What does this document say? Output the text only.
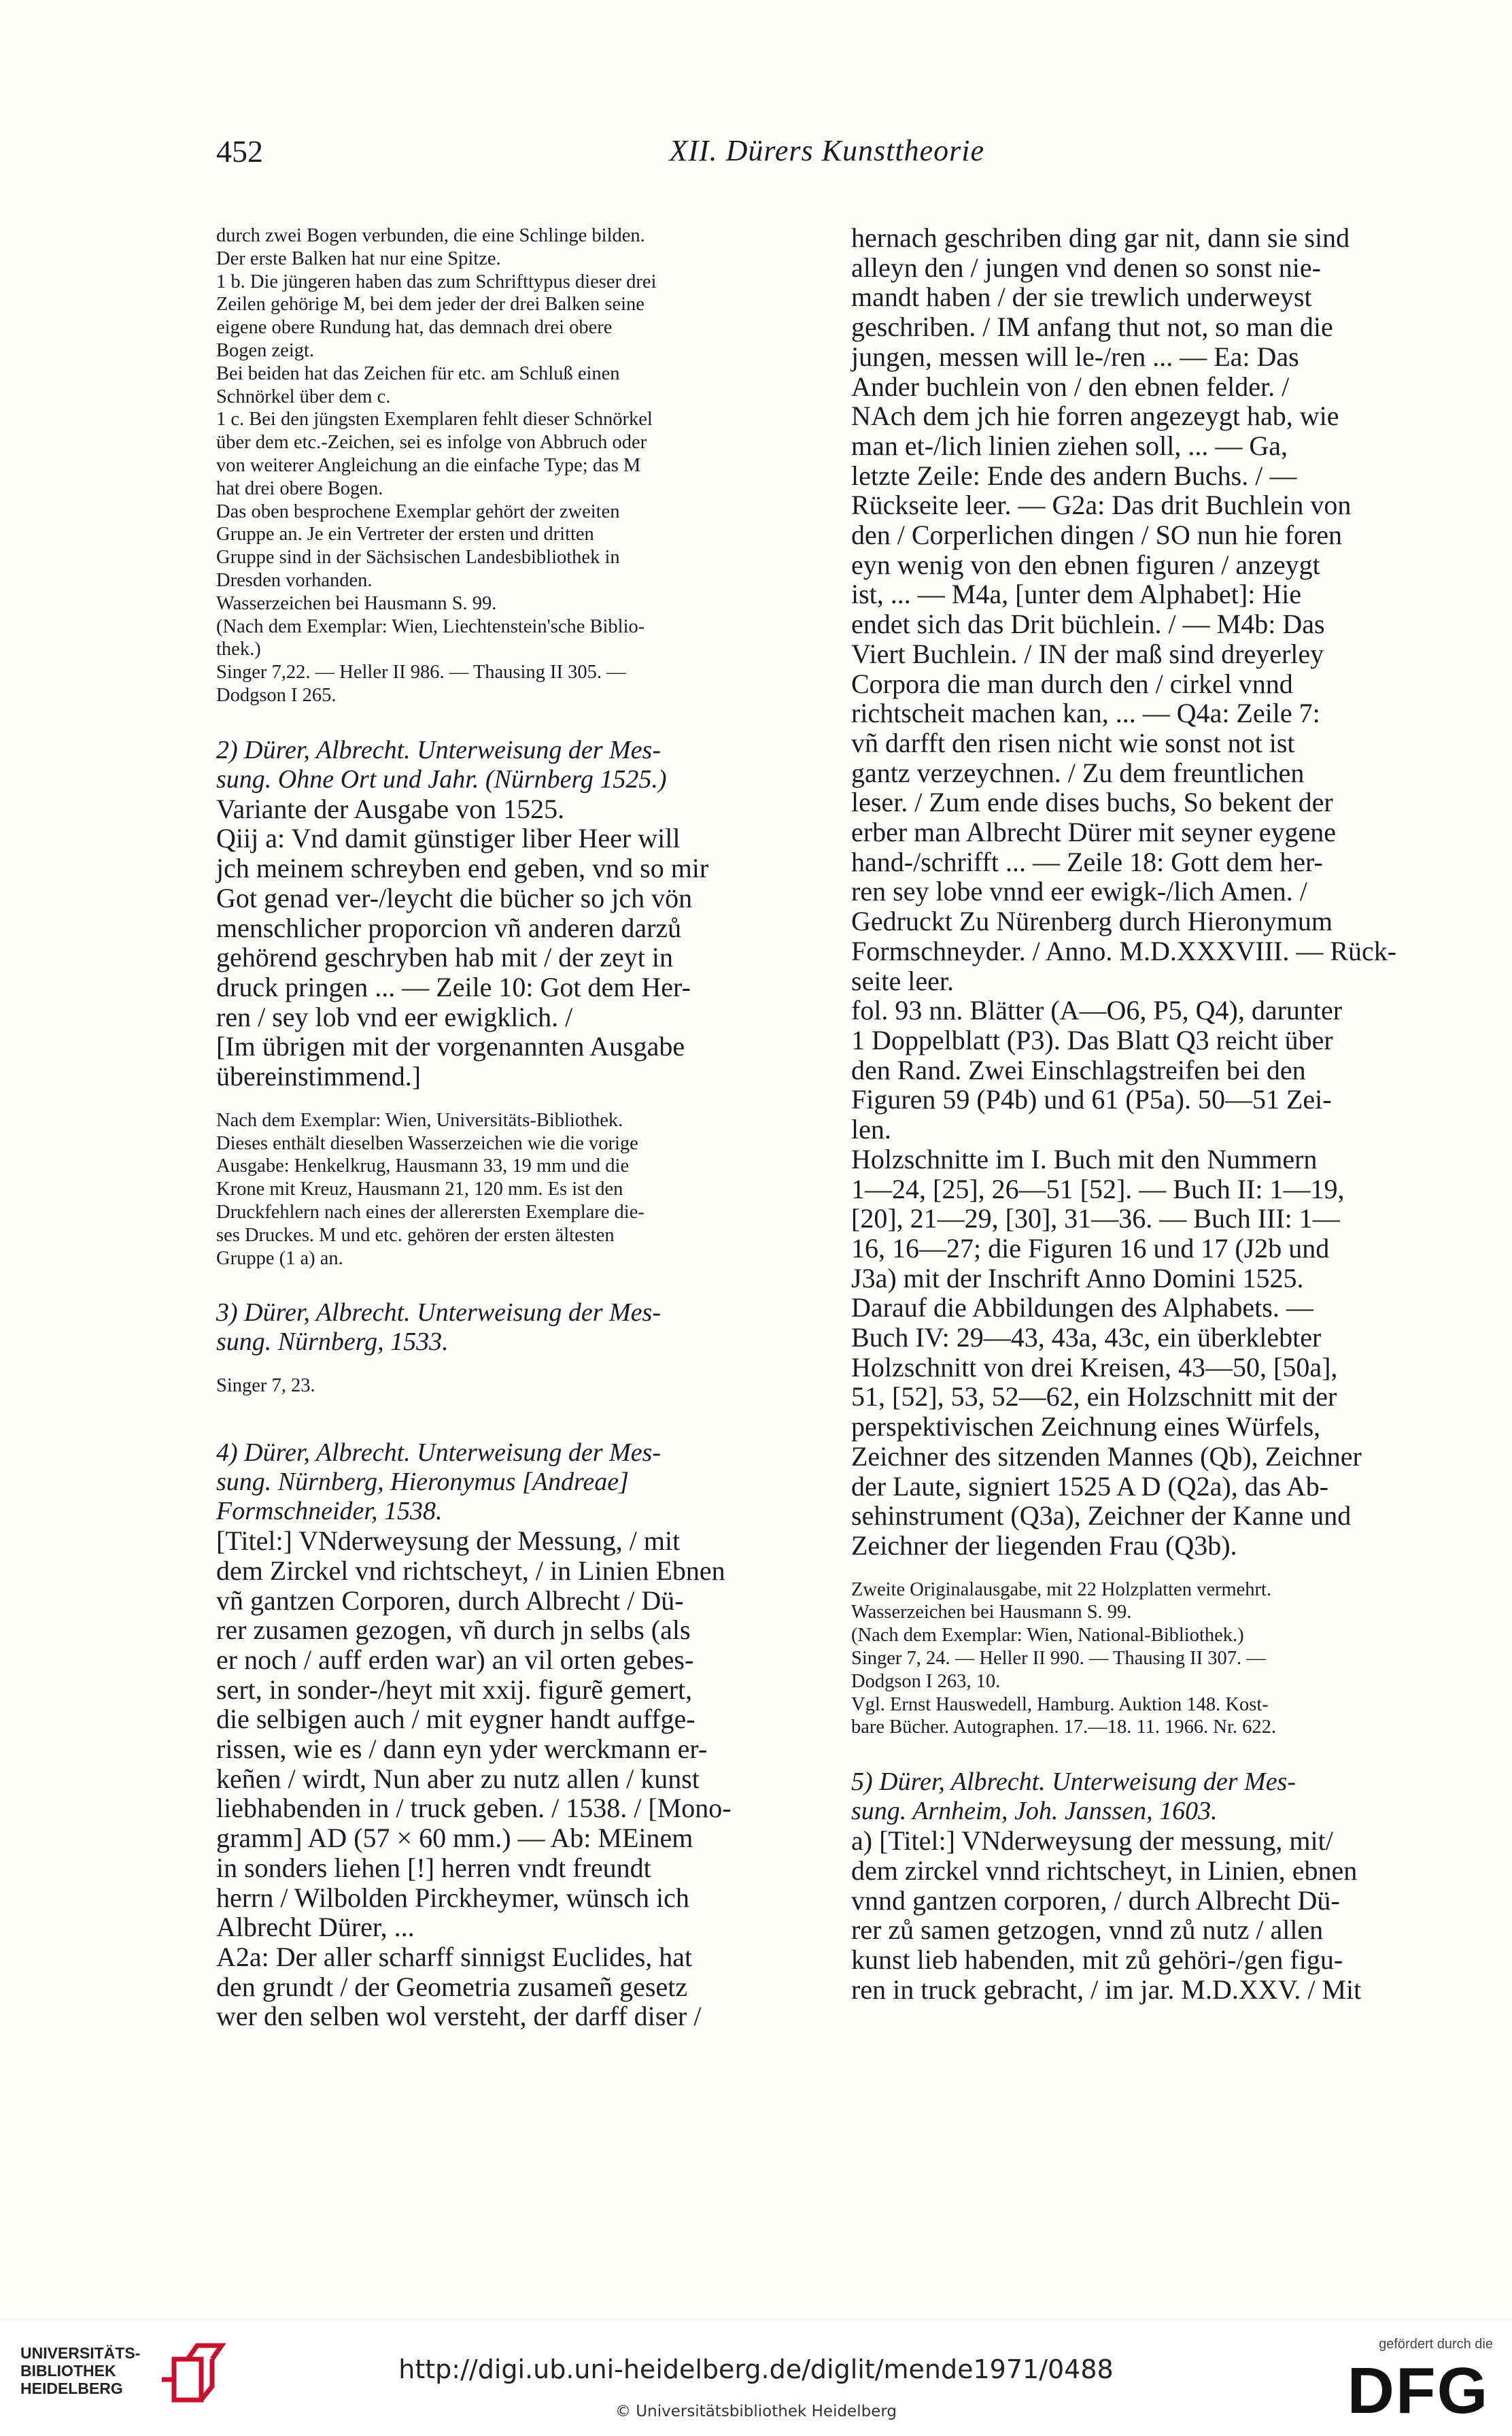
452	XII. Dürers Kunsttheorie

durch zwei Bogen verbunden, die eine Schlinge bilden.
Der erste Balken hat nur eine Spitze.
1 b. Die jüngeren haben das zum Schrifttypus dieser drei
Zeilen gehörige M, bei dem jeder der drei Balken seine
eigene obere Rundung hat, das demnach drei obere
Bogen zeigt.
Bei beiden hat das Zeichen für etc. am Schluß einen
Schnörkel über dem c.
1 c. Bei den jüngsten Exemplaren fehlt dieser Schnörkel
über dem etc.-Zeichen, sei es infolge von Abbruch oder
von weiterer Angleichung an die einfache Type; das M
hat drei obere Bogen.
Das oben besprochene Exemplar gehört der zweiten
Gruppe an. Je ein Vertreter der ersten und dritten
Gruppe sind in der Sächsischen Landesbibliothek in
Dresden vorhanden.
Wasserzeichen bei Hausmann S. 99.
(Nach dem Exemplar: Wien, Liechtenstein'sche Biblio-
thek.)
Singer 7,22. — Heller II 986. — Thausing II 305. —
Dodgson I 265.

2) Dürer, Albrecht. Unterweisung der Mes-
sung. Ohne Ort und Jahr. (Nürnberg 1525.)

Variante der Ausgabe von 1525.
Qiij a: Vnd damit günstiger liber Heer will
jch meinem schreyben end geben, vnd so mir
Got genad ver-/leycht die bücher so jch vön
menschlicher proporcion vñ anderen darzů
gehörend geschryben hab mit / der zeyt in
druck pringen ... — Zeile 10: Got dem Her-
ren / sey lob vnd eer ewigklich. /
[Im übrigen mit der vorgenannten Ausgabe
übereinstimmend.]

Nach dem Exemplar: Wien, Universitäts-Bibliothek.
Dieses enthält dieselben Wasserzeichen wie die vorige
Ausgabe: Henkelkrug, Hausmann 33, 19 mm und die
Krone mit Kreuz, Hausmann 21, 120 mm. Es ist den
Druckfehlern nach eines der allerersten Exemplare die-
ses Druckes. M und etc. gehören der ersten ältesten
Gruppe (1 a) an.

3) Dürer, Albrecht. Unterweisung der Mes-
sung. Nürnberg, 1533.

Singer 7, 23.

4) Dürer, Albrecht. Unterweisung der Mes-
sung. Nürnberg, Hieronymus [Andreae]
Formschneider, 1538.

[Titel:] VNderweysung der Messung, / mit
dem Zirckel vnd richtscheyt, / in Linien Ebnen
vñ gantzen Corporen, durch Albrecht / Dü-
rer zusamen gezogen, vñ durch jn selbs (als
er noch / auff erden war) an vil orten gebes-
sert, in sonder-/heyt mit xxij. figurẽ gemert,
die selbigen auch / mit eygner handt auffge-
rissen, wie es / dann eyn yder werckmann er-
keñen / wirdt, Nun aber zu nutz allen / kunst
liebhabenden in / truck geben. / 1538. / [Mono-
gramm] AD (57 × 60 mm.) — Ab: MEinem
in sonders liehen [!] herren vndt freundt
herrn / Wilbolden Pirckheymer, wünsch ich
Albrecht Dürer, ...
A2a: Der aller scharff sinnigst Euclides, hat
den grundt / der Geometria zusameñ gesetz
wer den selben wol versteht, der darff diser /

hernach geschriben ding gar nit, dann sie sind
alleyn den / jungen vnd denen so sonst nie-
mandt haben / der sie trewlich underweyst
geschriben. / IM anfang thut not, so man die
jungen, messen will le-/ren ... — Ea: Das
Ander buchlein von / den ebnen felder. /
NAch dem jch hie forren angezeygt hab, wie
man et-/lich linien ziehen soll, ... — Ga,
letzte Zeile: Ende des andern Buchs. / —
Rückseite leer. — G2a: Das drit Buchlein von
den / Corperlichen dingen / SO nun hie foren
eyn wenig von den ebnen figuren / anzeygt
ist, ... — M4a, [unter dem Alphabet]: Hie
endet sich das Drit büchlein. / — M4b: Das
Viert Buchlein. / IN der maß sind dreyerley
Corpora die man durch den / cirkel vnnd
richtscheit machen kan, ... — Q4a: Zeile 7:
vñ darfft den risen nicht wie sonst not ist
gantz verzeychnen. / Zu dem freuntlichen
leser. / Zum ende dises buchs, So bekent der
erber man Albrecht Dürer mit seyner eygene
hand-/schrifft ... — Zeile 18: Gott dem her-
ren sey lobe vnnd eer ewigk-/lich Amen. /
Gedruckt Zu Nürenberg durch Hieronymum
Formschneyder. / Anno. M.D.XXXVIII. — Rück-
seite leer.
fol. 93 nn. Blätter (A—O6, P5, Q4), darunter
1 Doppelblatt (P3). Das Blatt Q3 reicht über
den Rand. Zwei Einschlagstreifen bei den
Figuren 59 (P4b) und 61 (P5a). 50—51 Zei-
len.
Holzschnitte im I. Buch mit den Nummern
1—24, [25], 26—51 [52]. — Buch II: 1—19,
[20], 21—29, [30], 31—36. — Buch III: 1—
16, 16—27; die Figuren 16 und 17 (J2b und
J3a) mit der Inschrift Anno Domini 1525.
Darauf die Abbildungen des Alphabets. —
Buch IV: 29—43, 43a, 43c, ein überklebter
Holzschnitt von drei Kreisen, 43—50, [50a],
51, [52], 53, 52—62, ein Holzschnitt mit der
perspektivischen Zeichnung eines Würfels,
Zeichner des sitzenden Mannes (Qb), Zeichner
der Laute, signiert 1525 A D (Q2a), das Ab-
sehinstrument (Q3a), Zeichner der Kanne und
Zeichner der liegenden Frau (Q3b).

Zweite Originalausgabe, mit 22 Holzplatten vermehrt.
Wasserzeichen bei Hausmann S. 99.
(Nach dem Exemplar: Wien, National-Bibliothek.)
Singer 7, 24. — Heller II 990. — Thausing II 307. —
Dodgson I 263, 10.
Vgl. Ernst Hauswedell, Hamburg. Auktion 148. Kost-
bare Bücher. Autographen. 17.—18. 11. 1966. Nr. 622.

5) Dürer, Albrecht. Unterweisung der Mes-
sung. Arnheim, Joh. Janssen, 1603.

a) [Titel:] VNderweysung der messung, mit/
dem zirckel vnnd richtscheyt, in Linien, ebnen
vnnd gantzen corporen, / durch Albrecht Dü-
rer zů samen getzogen, vnnd zů nutz / allen
kunst lieb habenden, mit zů gehöri-/gen figu-
ren in truck gebracht, / im jar. M.D.XXV. / Mit

UNIVERSITÄTS-
BIBLIOTHEK
HEIDELBERG
http://digi.ub.uni-heidelberg.de/diglit/mende1971/0488
© Universitätsbibliothek Heidelberg
gefördert durch die
DFG
